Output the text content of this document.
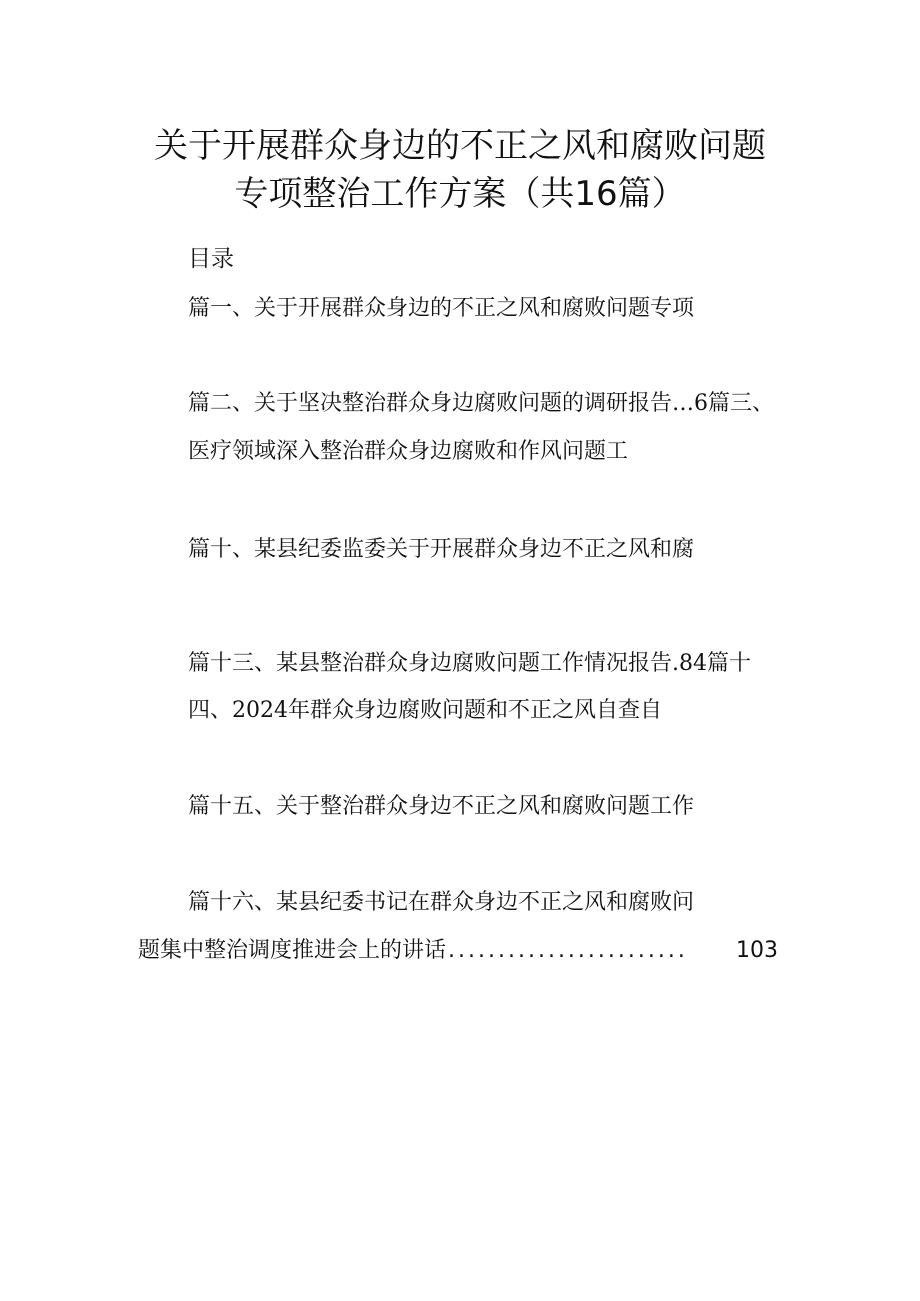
关于开展群众身边的不正之风和腐败问题
专项整治工作方案（共16篇）
目录
篇一、关于开展群众身边的不正之风和腐败问题专项
篇二、关于坚决整治群众身边腐败问题的调研报告…6篇三、
医疗领域深入整治群众身边腐败和作风问题工
篇十、某县纪委监委关于开展群众身边不正之风和腐
篇十三、某县整治群众身边腐败问题工作情况报告.84篇十
四、2024年群众身边腐败问题和不正之风自查自
篇十五、关于整治群众身边不正之风和腐败问题工作
篇十六、某县纪委书记在群众身边不正之风和腐败问
题集中整治调度推进会上的讲话 ........................	103
